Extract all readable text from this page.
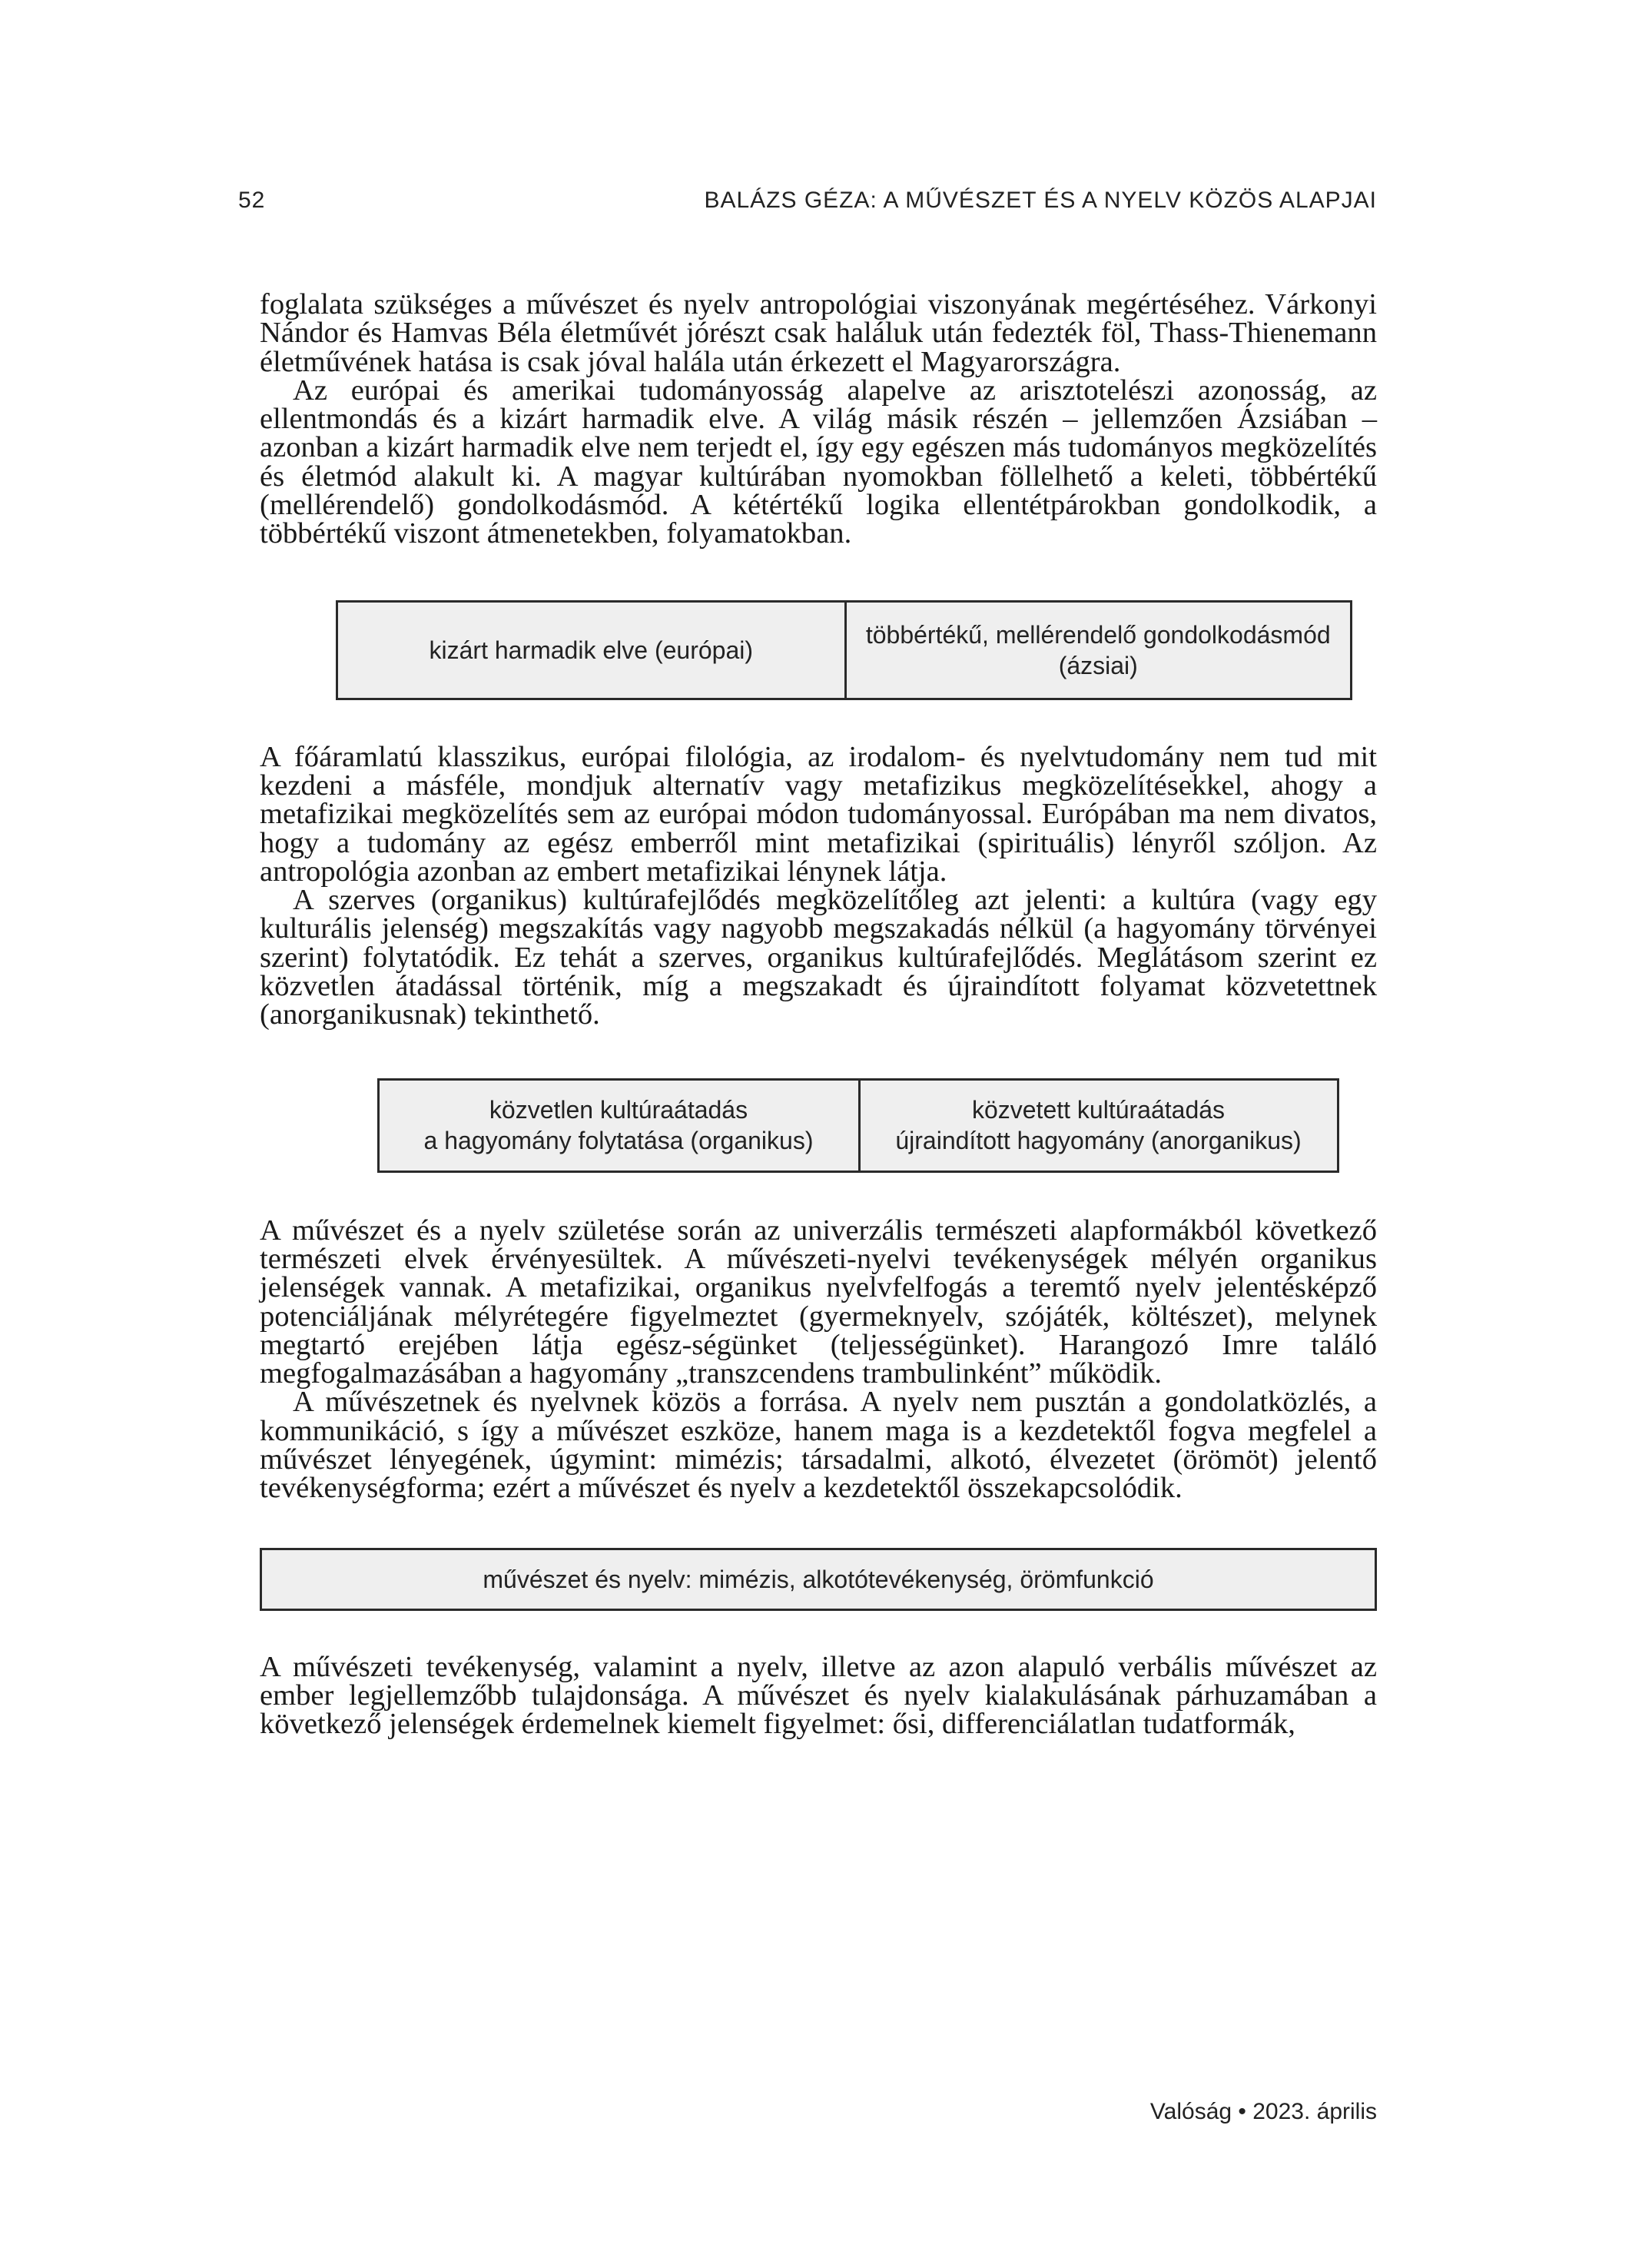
52	BALÁZS GÉZA: A MŰVÉSZET ÉS A NYELV KÖZÖS ALAPJAI

foglalata szükséges a művészet és nyelv antropológiai viszonyának megértéséhez. Várkonyi Nándor és Hamvas Béla életművét jórészt csak haláluk után fedezték föl, Thass-Thienemann életművének hatása is csak jóval halála után érkezett el Magyarországra.

Az európai és amerikai tudományosság alapelve az arisztotelészi azonosság, az ellentmondás és a kizárt harmadik elve. A világ másik részén – jellemzően Ázsiában – azonban a kizárt harmadik elve nem terjedt el, így egy egészen más tudományos megközelítés és életmód alakult ki. A magyar kultúrában nyomokban föllelhető a keleti, többértékű (mellérendelő) gondolkodásmód. A kétértékű logika ellentétpárokban gondolkodik, a többértékű viszont átmenetekben, folyamatokban.

kizárt harmadik elve (európai)
többértékű, mellérendelő gondolkodásmód
(ázsiai)

A főáramlatú klasszikus, európai filológia, az irodalom- és nyelvtudomány nem tud mit kezdeni a másféle, mondjuk alternatív vagy metafizikus megközelítésekkel, ahogy a metafizikai megközelítés sem az európai módon tudományossal. Európában ma nem divatos, hogy a tudomány az egész emberről mint metafizikai (spirituális) lényről szóljon. Az antropológia azonban az embert metafizikai lénynek látja.

A szerves (organikus) kultúrafejlődés megközelítőleg azt jelenti: a kultúra (vagy egy kulturális jelenség) megszakítás vagy nagyobb megszakadás nélkül (a hagyomány törvényei szerint) folytatódik. Ez tehát a szerves, organikus kultúrafejlődés. Meglátásom szerint ez közvetlen átadással történik, míg a megszakadt és újraindított folyamat közvetettnek (anorganikusnak) tekinthető.

közvetlen kultúraátadás
a hagyomány folytatása (organikus)
közvetett kultúraátadás
újraindított hagyomány (anorganikus)

A művészet és a nyelv születése során az univerzális természeti alapformákból következő természeti elvek érvényesültek. A művészeti-nyelvi tevékenységek mélyén organikus jelenségek vannak. A metafizikai, organikus nyelvfelfogás a teremtő nyelv jelentésképző potenciáljának mélyrétegére figyelmeztet (gyermeknyelv, szójáték, költészet), melynek megtartó erejében látja egész-ségünket (teljességünket). Harangozó Imre találó megfogalmazásában a hagyomány „transzcendens trambulinként” működik.

A művészetnek és nyelvnek közös a forrása. A nyelv nem pusztán a gondolatközlés, a kommunikáció, s így a művészet eszköze, hanem maga is a kezdetektől fogva megfelel a művészet lényegének, úgymint: mimézis; társadalmi, alkotó, élvezetet (örömöt) jelentő tevékenységforma; ezért a művészet és nyelv a kezdetektől összekapcsolódik.

művészet és nyelv: mimézis, alkotótevékenység, örömfunkció

A művészeti tevékenység, valamint a nyelv, illetve az azon alapuló verbális művészet az ember legjellemzőbb tulajdonsága. A művészet és nyelv kialakulásának párhuzamában a következő jelenségek érdemelnek kiemelt figyelmet: ősi, differenciálatlan tudatformák,

Valóság • 2023. április
